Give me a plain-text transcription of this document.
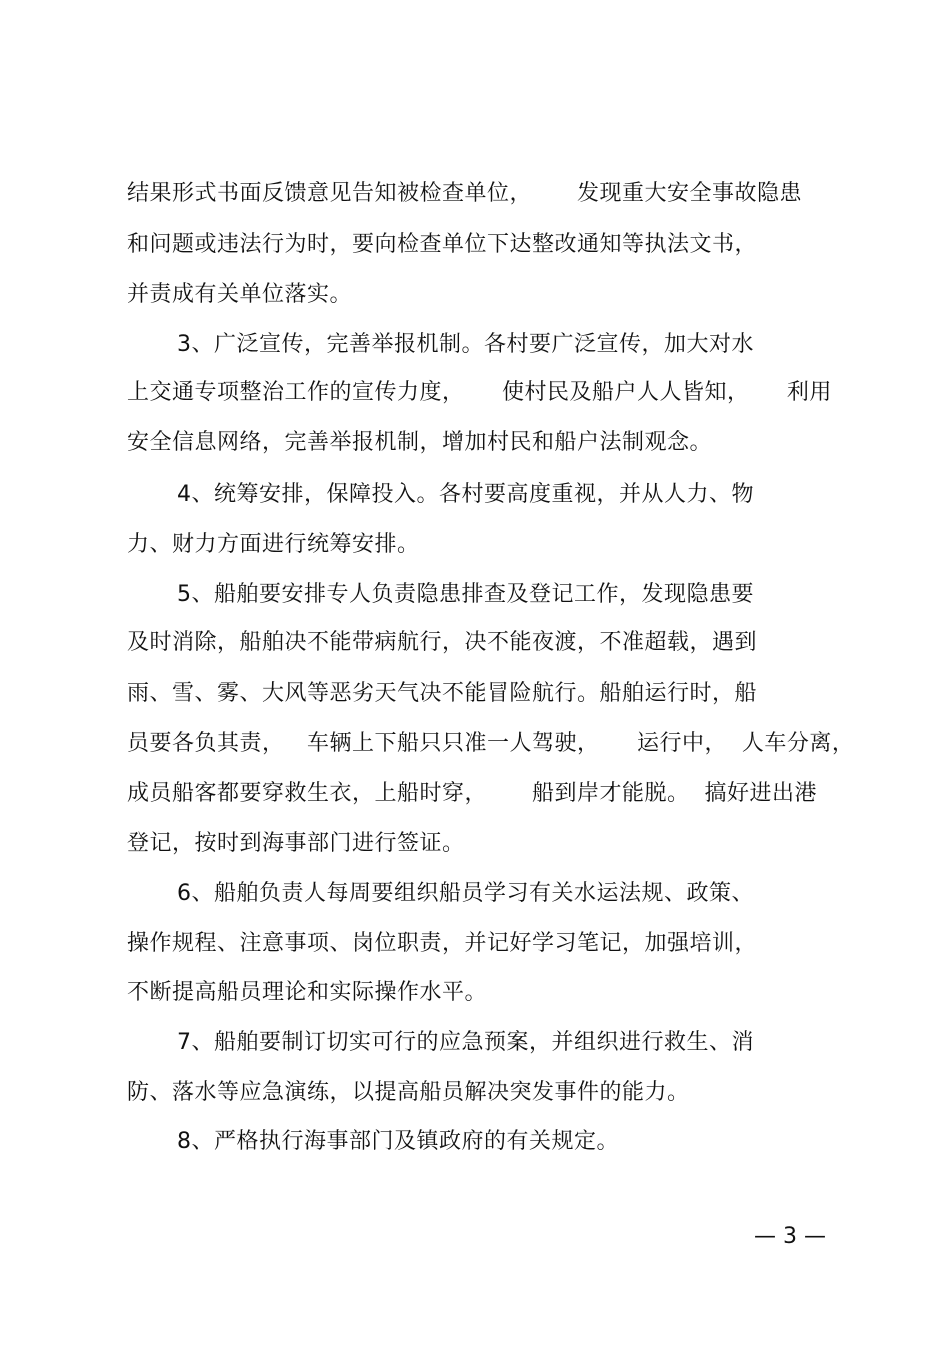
结果形式书面反馈意见告知被检查单位，      发现重大安全事故隐患
和问题或违法行为时，要向检查单位下达整改通知等执法文书，
并责成有关单位落实。
3、广泛宣传，完善举报机制。各村要广泛宣传，加大对水
上交通专项整治工作的宣传力度，     使村民及船户人人皆知，     利用
安全信息网络，完善举报机制，增加村民和船户法制观念。
4、统筹安排，保障投入。各村要高度重视，并从人力、物
力、财力方面进行统筹安排。
5、船舶要安排专人负责隐患排查及登记工作，发现隐患要
及时消除，船舶决不能带病航行，决不能夜渡，不准超载，遇到
雨、雪、雾、大风等恶劣天气决不能冒险航行。船舶运行时，船
员要各负其责，   车辆上下船只只准一人驾驶，     运行中，  人车分离，
成员船客都要穿救生衣，上船时穿，      船到岸才能脱。  搞好进出港
登记，按时到海事部门进行签证。
6、船舶负责人每周要组织船员学习有关水运法规、政策、
操作规程、注意事项、岗位职责，并记好学习笔记，加强培训，
不断提高船员理论和实际操作水平。
7、船舶要制订切实可行的应急预案，并组织进行救生、消
防、落水等应急演练，以提高船员解决突发事件的能力。
8、严格执行海事部门及镇政府的有关规定。
— 3 —
